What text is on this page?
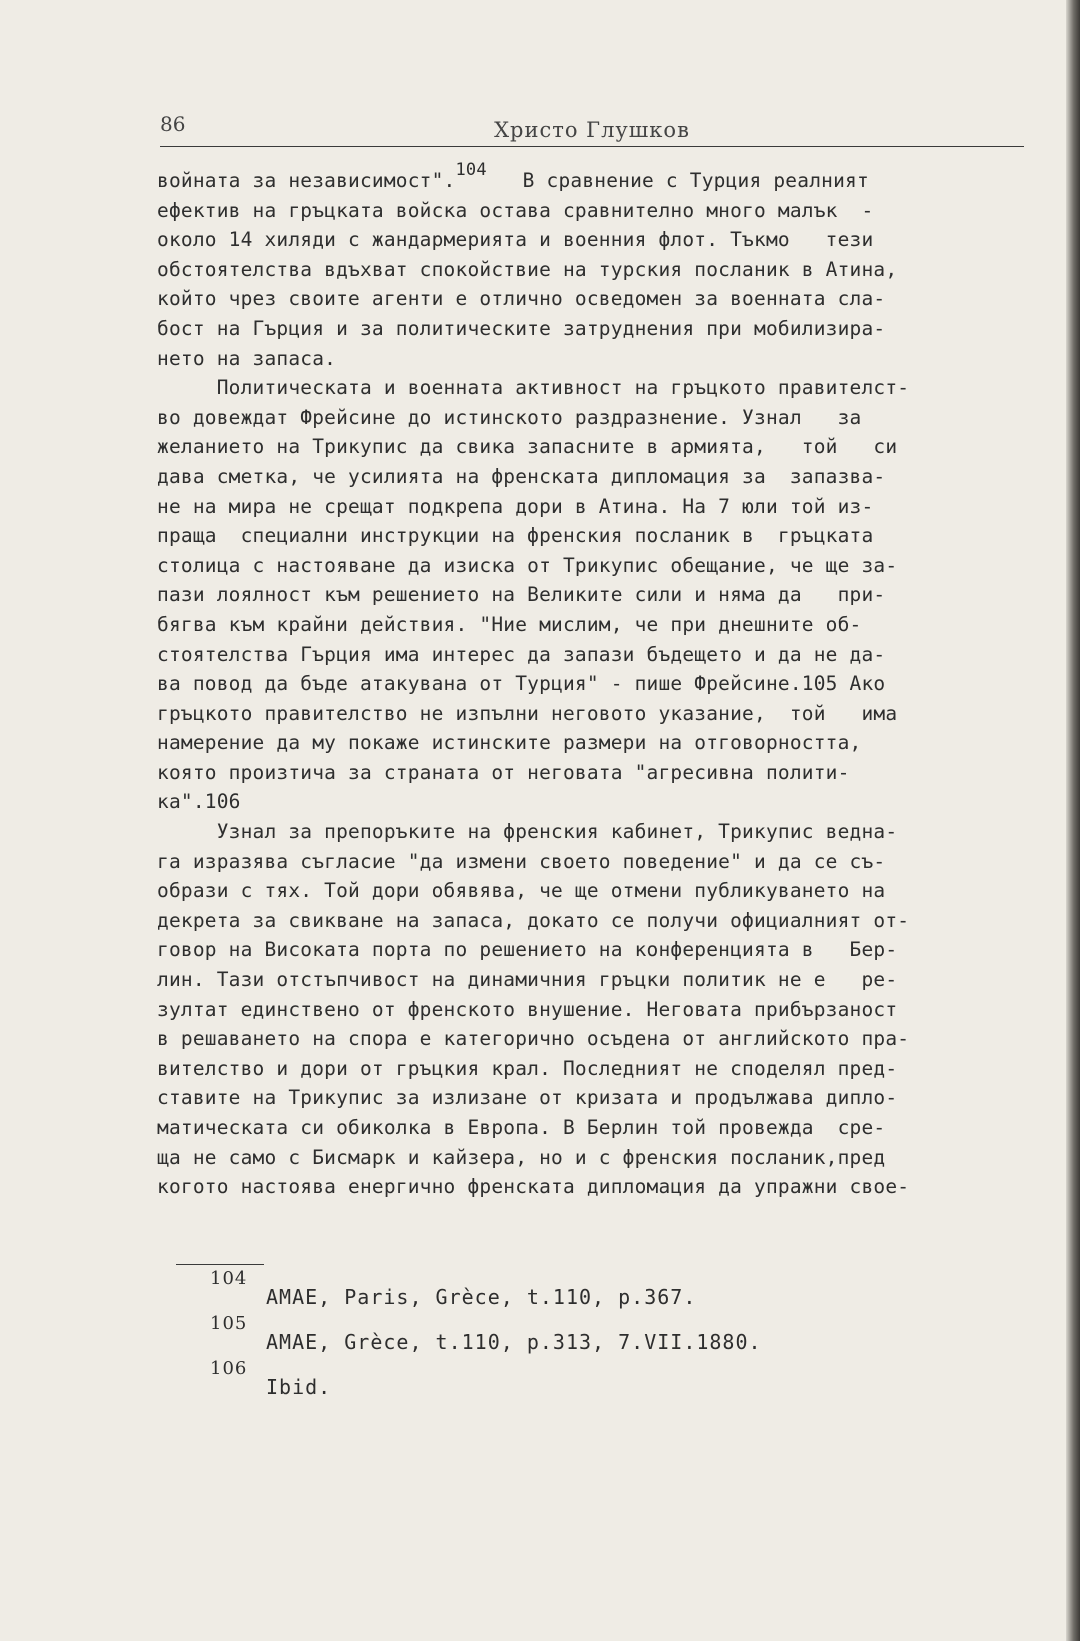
86	Христо Глушков
войната за независимост".$^{104}$   В сравнение с Турция реалният
ефектив на гръцката войска остава сравнително много малък  -
около 14 хиляди с жандармерията и военния флот. Тъкмо   тези
обстоятелства вдъхват спокойствие на турския посланик в Атина,
който чрез своите агенти е отлично осведомен за военната сла-
бост на Гърция и за политическите затруднения при мобилизира-
нето на запаса.
Политическата и военната активност на гръцкото правителст-
во довеждат Фрейсине до истинското раздразнение. Узнал   за
желанието на Трикупис да свика запасните в армията,   той   си
дава сметка, че усилията на френската дипломация за  запазва-
не на мира не срещат подкрепа дори в Атина. На 7 юли той из-
праща  специални инструкции на френския посланик в  гръцката
столица с настояване да изиска от Трикупис обещание, че ще за-
пази лоялност към решението на Великите сили и няма да   при-
бягва към крайни действия. "Ние мислим, че при днешните об-
стоятелства Гърция има интерес да запази бъдещето и да не да-
ва повод да бъде атакувана от Турция" - пише Фрейсине.105 Ако
гръцкото правителство не изпълни неговото указание,  той   има
намерение да му покаже истинските размери на отговорността,
която произтича за страната от неговата "агресивна полити-
ка".106
Узнал за препоръките на френския кабинет, Трикупис ведна-
га изразява съгласие "да измени своето поведение" и да се съ-
образи с тях. Той дори обявява, че ще отмени публикуването на
декрета за свикване на запаса, докато се получи официалният от-
говор на Високата порта по решението на конференцията в   Бер-
лин. Тази отстъпчивост на динамичния гръцки политик не е   ре-
зултат единствено от френското внушение. Неговата прибързаност
в решаването на спора е категорично осъдена от английското пра-
вителство и дори от гръцкия крал. Последният не споделял пред-
ставите на Трикупис за излизане от кризата и продължава дипло-
матическата си обиколка в Европа. В Берлин той провежда  сре-
ща не само с Бисмарк и кайзера, но и с френския посланик,пред
когото настоява енергично френската дипломация да упражни свое-
104
AMAE, Paris, Grèce, t.110, p.367.
105
AMAE, Grèce, t.110, p.313, 7.VII.1880.
106
Ibid.
